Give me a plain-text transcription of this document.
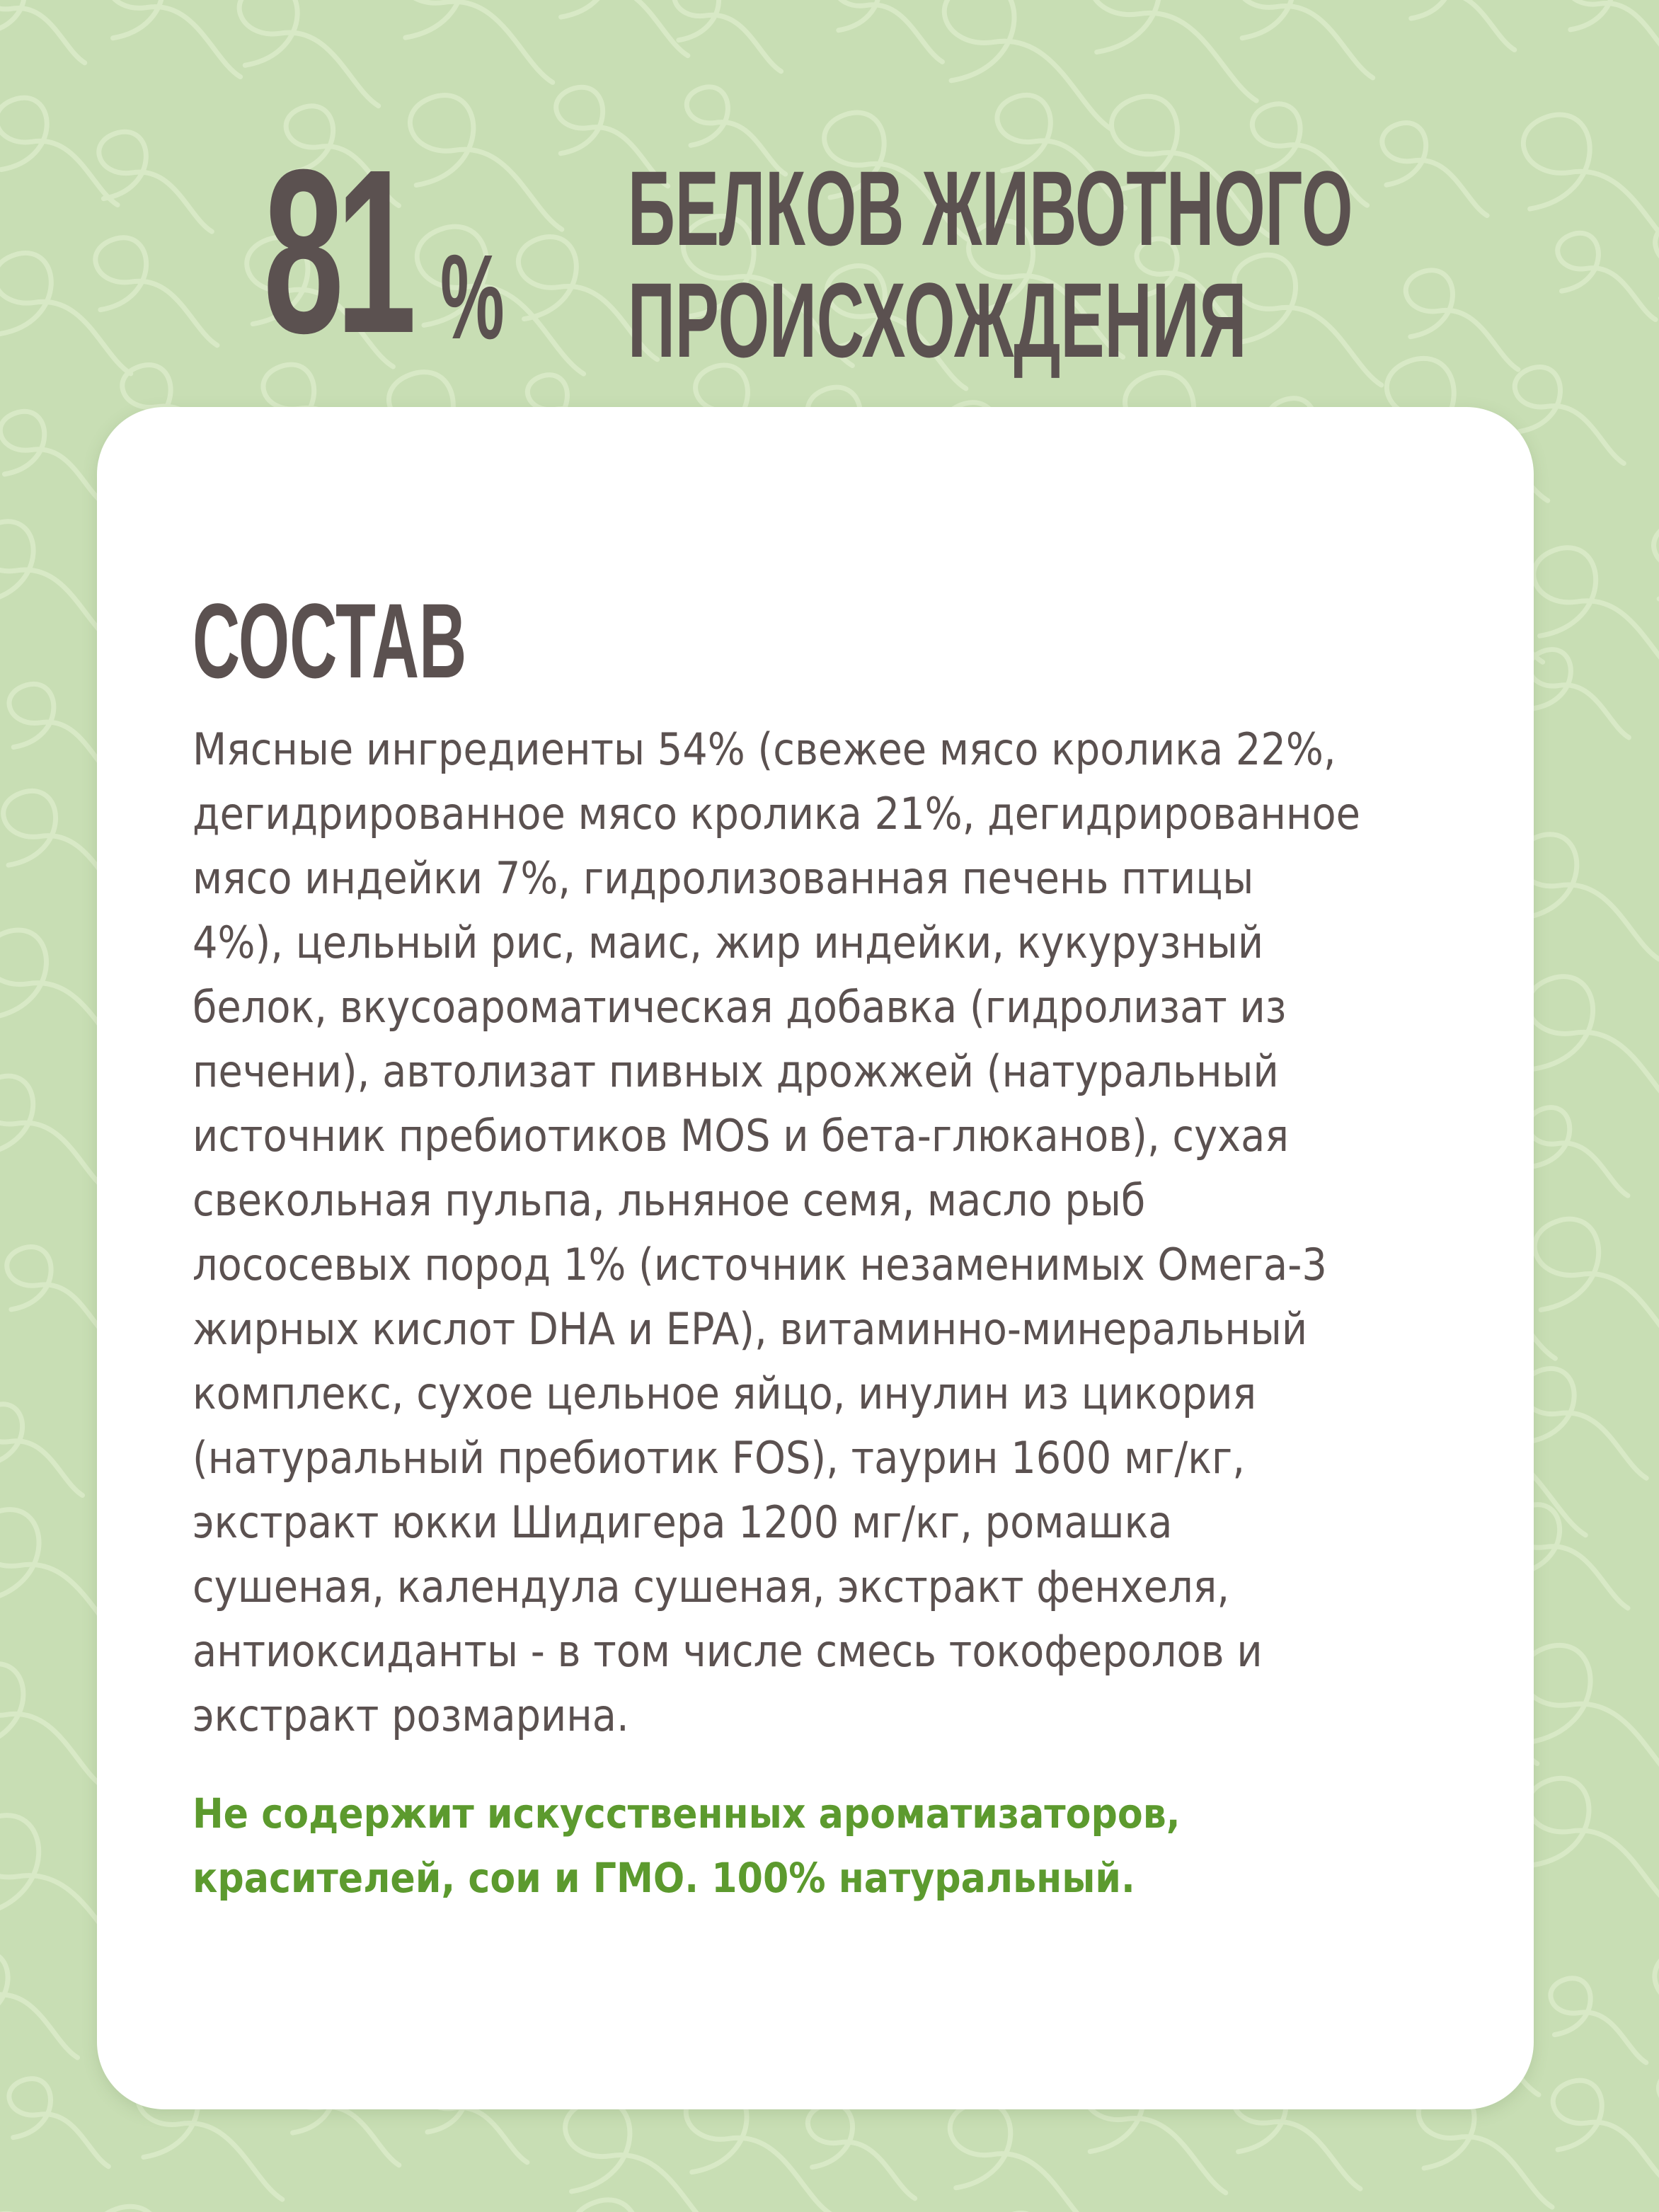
81 %
БЕЛКОВ ЖИВОТНОГО
ПРОИСХОЖДЕНИЯ
СОСТАВ

Мясные ингредиенты 54% (свежее мясо кролика 22%,
дегидрированное мясо кролика 21%, дегидрированное
мясо индейки 7%, гидролизованная печень птицы
4%), цельный рис, маис, жир индейки, кукурузный
белок, вкусоароматическая добавка (гидролизат из
печени), автолизат пивных дрожжей (натуральный
источник пребиотиков MOS и бета-глюканов), сухая
свекольная пульпа, льняное семя, масло рыб
лососевых пород 1% (источник незаменимых Омега-3
жирных кислот DHA и EPA), витаминно-минеральный
комплекс, сухое цельное яйцо, инулин из цикория
(натуральный пребиотик FOS), таурин 1600 мг/кг,
экстракт юкки Шидигера 1200 мг/кг, ромашка
сушеная, календула сушеная, экстракт фенхеля,
антиоксиданты - в том числе смесь токоферолов и
экстракт розмарина.

Не содержит искусственных ароматизаторов,
красителей, сои и ГМО. 100% натуральный.
